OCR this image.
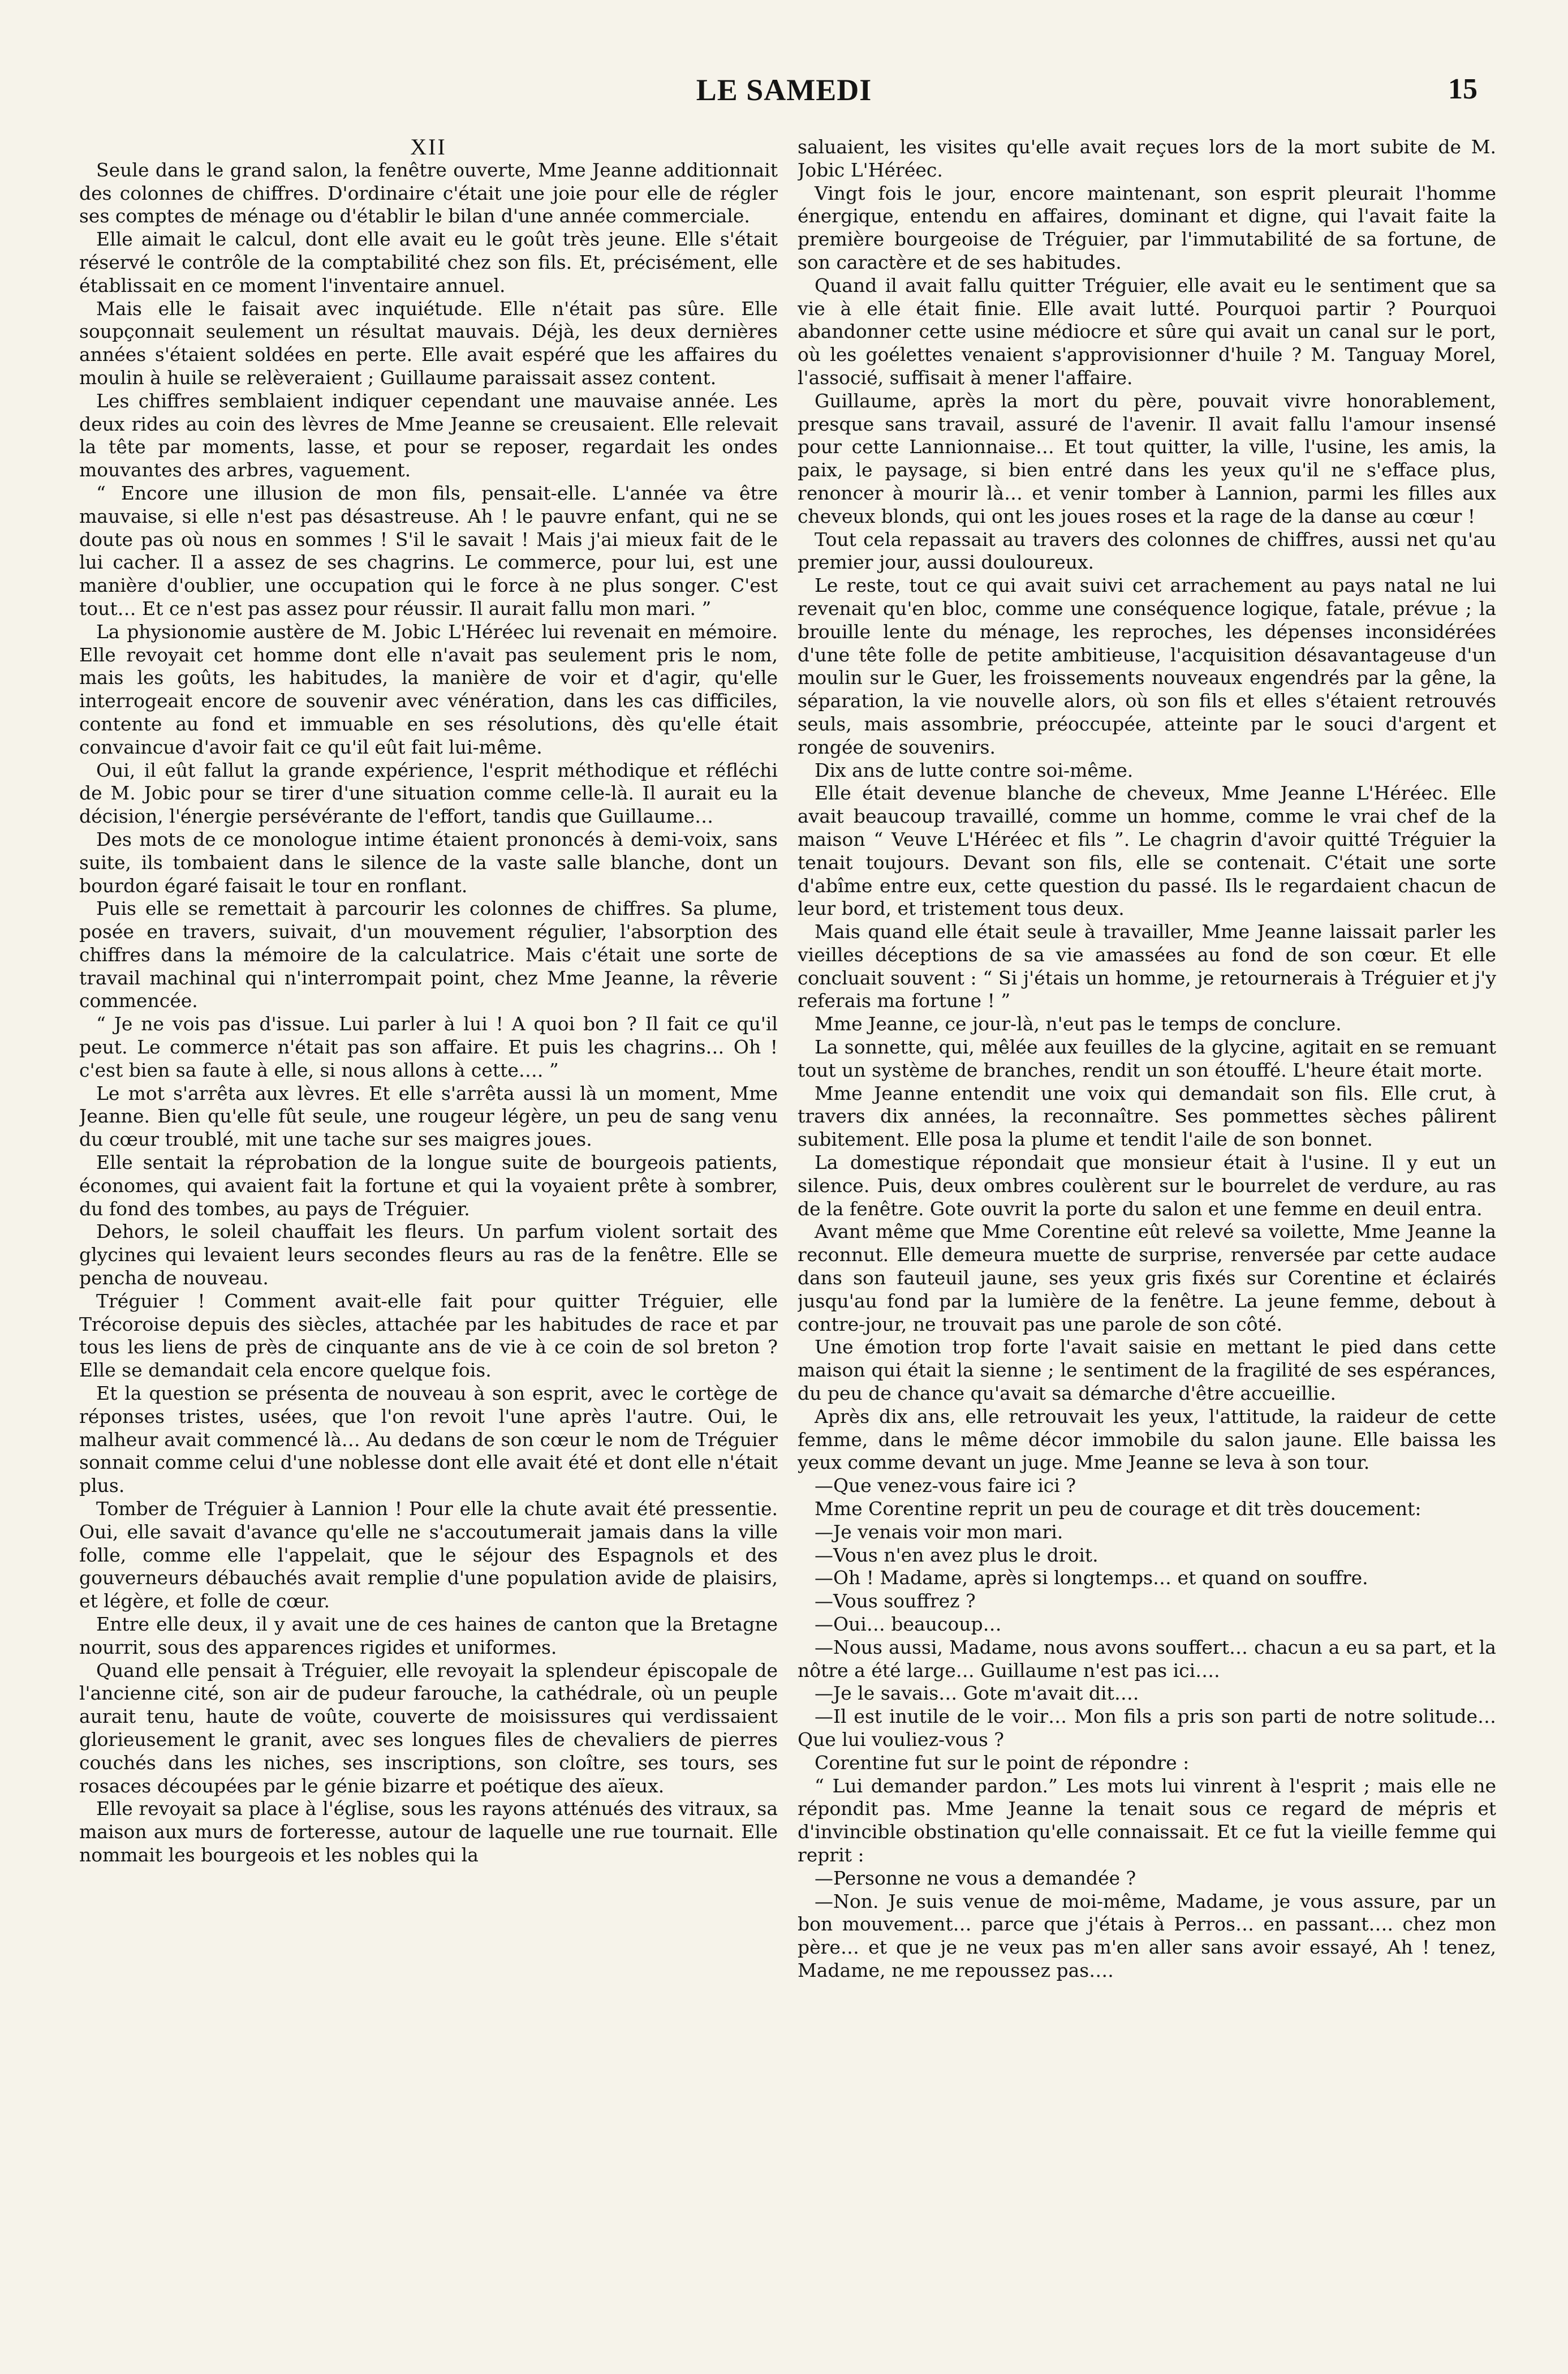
LE SAMEDI	15

XII

Seule dans le grand salon, la fenêtre ouverte, Mme Jeanne additionnait des colonnes de chiffres. D'ordinaire c'était une joie pour elle de régler ses comptes de ménage ou d'établir le bilan d'une année commerciale.

Elle aimait le calcul, dont elle avait eu le goût très jeune. Elle s'était réservé le contrôle de la comptabilité chez son fils. Et, précisément, elle établissait en ce moment l'inventaire annuel.

Mais elle le faisait avec inquiétude. Elle n'était pas sûre. Elle soupçonnait seulement un résultat mauvais. Déjà, les deux dernières années s'étaient soldées en perte. Elle avait espéré que les affaires du moulin à huile se relèveraient ; Guillaume paraissait assez content.

Les chiffres semblaient indiquer cependant une mauvaise année. Les deux rides au coin des lèvres de Mme Jeanne se creusaient. Elle relevait la tête par moments, lasse, et pour se reposer, regardait les ondes mouvantes des arbres, vaguement.

“ Encore une illusion de mon fils, pensait-elle. L'année va être mauvaise, si elle n'est pas désastreuse. Ah ! le pauvre enfant, qui ne se doute pas où nous en sommes ! S'il le savait ! Mais j'ai mieux fait de le lui cacher. Il a assez de ses chagrins. Le commerce, pour lui, est une manière d'oublier, une occupation qui le force à ne plus songer. C'est tout… Et ce n'est pas assez pour réussir. Il aurait fallu mon mari. ”

La physionomie austère de M. Jobic L'Héréec lui revenait en mémoire. Elle revoyait cet homme dont elle n'avait pas seulement pris le nom, mais les goûts, les habitudes, la manière de voir et d'agir, qu'elle interrogeait encore de souvenir avec vénération, dans les cas difficiles, contente au fond et immuable en ses résolutions, dès qu'elle était convaincue d'avoir fait ce qu'il eût fait lui-même.

Oui, il eût fallut la grande expérience, l'esprit méthodique et réfléchi de M. Jobic pour se tirer d'une situation comme celle-là. Il aurait eu la décision, l'énergie persévérante de l'effort, tandis que Guillaume…

Des mots de ce monologue intime étaient prononcés à demi-voix, sans suite, ils tombaient dans le silence de la vaste salle blanche, dont un bourdon égaré faisait le tour en ronflant.

Puis elle se remettait à parcourir les colonnes de chiffres. Sa plume, posée en travers, suivait, d'un mouvement régulier, l'absorption des chiffres dans la mémoire de la calculatrice. Mais c'était une sorte de travail machinal qui n'interrompait point, chez Mme Jeanne, la rêverie commencée.

“ Je ne vois pas d'issue. Lui parler à lui ! A quoi bon ? Il fait ce qu'il peut. Le commerce n'était pas son affaire. Et puis les chagrins… Oh ! c'est bien sa faute à elle, si nous allons à cette…. ”

Le mot s'arrêta aux lèvres. Et elle s'arrêta aussi là un moment, Mme Jeanne. Bien qu'elle fût seule, une rougeur légère, un peu de sang venu du cœur troublé, mit une tache sur ses maigres joues.

Elle sentait la réprobation de la longue suite de bourgeois patients, économes, qui avaient fait la fortune et qui la voyaient prête à sombrer, du fond des tombes, au pays de Tréguier.

Dehors, le soleil chauffait les fleurs. Un parfum violent sortait des glycines qui levaient leurs secondes fleurs au ras de la fenêtre. Elle se pencha de nouveau.

Tréguier ! Comment avait-elle fait pour quitter Tréguier, elle Trécoroise depuis des siècles, attachée par les habitudes de race et par tous les liens de près de cinquante ans de vie à ce coin de sol breton ? Elle se demandait cela encore quelque fois.

Et la question se présenta de nouveau à son esprit, avec le cortège de réponses tristes, usées, que l'on revoit l'une après l'autre. Oui, le malheur avait commencé là… Au dedans de son cœur le nom de Tréguier sonnait comme celui d'une noblesse dont elle avait été et dont elle n'était plus.

Tomber de Tréguier à Lannion ! Pour elle la chute avait été pressentie. Oui, elle savait d'avance qu'elle ne s'accoutumerait jamais dans la ville folle, comme elle l'appelait, que le séjour des Espagnols et des gouverneurs débauchés avait remplie d'une population avide de plaisirs, et légère, et folle de cœur.

Entre elle deux, il y avait une de ces haines de canton que la Bretagne nourrit, sous des apparences rigides et uniformes.

Quand elle pensait à Tréguier, elle revoyait la splendeur épiscopale de l'ancienne cité, son air de pudeur farouche, la cathédrale, où un peuple aurait tenu, haute de voûte, couverte de moisissures qui verdissaient glorieusement le granit, avec ses longues files de chevaliers de pierres couchés dans les niches, ses inscriptions, son cloître, ses tours, ses rosaces découpées par le génie bizarre et poétique des aïeux.

Elle revoyait sa place à l'église, sous les rayons atténués des vitraux, sa maison aux murs de forteresse, autour de laquelle une rue tournait. Elle nommait les bourgeois et les nobles qui la

saluaient, les visites qu'elle avait reçues lors de la mort subite de M. Jobic L'Héréec.

Vingt fois le jour, encore maintenant, son esprit pleurait l'homme énergique, entendu en affaires, dominant et digne, qui l'avait faite la première bourgeoise de Tréguier, par l'immutabilité de sa fortune, de son caractère et de ses habitudes.

Quand il avait fallu quitter Tréguier, elle avait eu le sentiment que sa vie à elle était finie. Elle avait lutté. Pourquoi partir ? Pourquoi abandonner cette usine médiocre et sûre qui avait un canal sur le port, où les goélettes venaient s'approvisionner d'huile ? M. Tanguay Morel, l'associé, suffisait à mener l'affaire.

Guillaume, après la mort du père, pouvait vivre honorablement, presque sans travail, assuré de l'avenir. Il avait fallu l'amour insensé pour cette Lannionnaise… Et tout quitter, la ville, l'usine, les amis, la paix, le paysage, si bien entré dans les yeux qu'il ne s'efface plus, renoncer à mourir là… et venir tomber à Lannion, parmi les filles aux cheveux blonds, qui ont les joues roses et la rage de la danse au cœur !

Tout cela repassait au travers des colonnes de chiffres, aussi net qu'au premier jour, aussi douloureux.

Le reste, tout ce qui avait suivi cet arrachement au pays natal ne lui revenait qu'en bloc, comme une conséquence logique, fatale, prévue ; la brouille lente du ménage, les reproches, les dépenses inconsidérées d'une tête folle de petite ambitieuse, l'acquisition désavantageuse d'un moulin sur le Guer, les froissements nouveaux engendrés par la gêne, la séparation, la vie nouvelle alors, où son fils et elles s'étaient retrouvés seuls, mais assombrie, préoccupée, atteinte par le souci d'argent et rongée de souvenirs.

Dix ans de lutte contre soi-même.

Elle était devenue blanche de cheveux, Mme Jeanne L'Héréec. Elle avait beaucoup travaillé, comme un homme, comme le vrai chef de la maison “ Veuve L'Héréec et fils ”. Le chagrin d'avoir quitté Tréguier la tenait toujours. Devant son fils, elle se contenait. C'était une sorte d'abîme entre eux, cette question du passé. Ils le regardaient chacun de leur bord, et tristement tous deux.

Mais quand elle était seule à travailler, Mme Jeanne laissait parler les vieilles déceptions de sa vie amassées au fond de son cœur. Et elle concluait souvent : “ Si j'étais un homme, je retournerais à Tréguier et j'y referais ma fortune ! ”

Mme Jeanne, ce jour-là, n'eut pas le temps de conclure.

La sonnette, qui, mêlée aux feuilles de la glycine, agitait en se remuant tout un système de branches, rendit un son étouffé. L'heure était morte.

Mme Jeanne entendit une voix qui demandait son fils. Elle crut, à travers dix années, la reconnaître. Ses pommettes sèches pâlirent subitement. Elle posa la plume et tendit l'aile de son bonnet.

La domestique répondait que monsieur était à l'usine. Il y eut un silence. Puis, deux ombres coulèrent sur le bourrelet de verdure, au ras de la fenêtre. Gote ouvrit la porte du salon et une femme en deuil entra.

Avant même que Mme Corentine eût relevé sa voilette, Mme Jeanne la reconnut. Elle demeura muette de surprise, renversée par cette audace dans son fauteuil jaune, ses yeux gris fixés sur Corentine et éclairés jusqu'au fond par la lumière de la fenêtre. La jeune femme, debout à contre-jour, ne trouvait pas une parole de son côté.

Une émotion trop forte l'avait saisie en mettant le pied dans cette maison qui était la sienne ; le sentiment de la fragilité de ses espérances, du peu de chance qu'avait sa démarche d'être accueillie.

Après dix ans, elle retrouvait les yeux, l'attitude, la raideur de cette femme, dans le même décor immobile du salon jaune. Elle baissa les yeux comme devant un juge. Mme Jeanne se leva à son tour.

—Que venez-vous faire ici ?

Mme Corentine reprit un peu de courage et dit très doucement:

—Je venais voir mon mari.

—Vous n'en avez plus le droit.

—Oh ! Madame, après si longtemps… et quand on souffre.

—Vous souffrez ?

—Oui… beaucoup…

—Nous aussi, Madame, nous avons souffert… chacun a eu sa part, et la nôtre a été large… Guillaume n'est pas ici….

—Je le savais… Gote m'avait dit….

—Il est inutile de le voir… Mon fils a pris son parti de notre solitude… Que lui vouliez-vous ?

Corentine fut sur le point de répondre :

“ Lui demander pardon.” Les mots lui vinrent à l'esprit ; mais elle ne répondit pas. Mme Jeanne la tenait sous ce regard de mépris et d'invincible obstination qu'elle connaissait. Et ce fut la vieille femme qui reprit :

—Personne ne vous a demandée ?

—Non. Je suis venue de moi-même, Madame, je vous assure, par un bon mouvement… parce que j'étais à Perros… en passant…. chez mon père… et que je ne veux pas m'en aller sans avoir essayé, Ah ! tenez, Madame, ne me repoussez pas….
